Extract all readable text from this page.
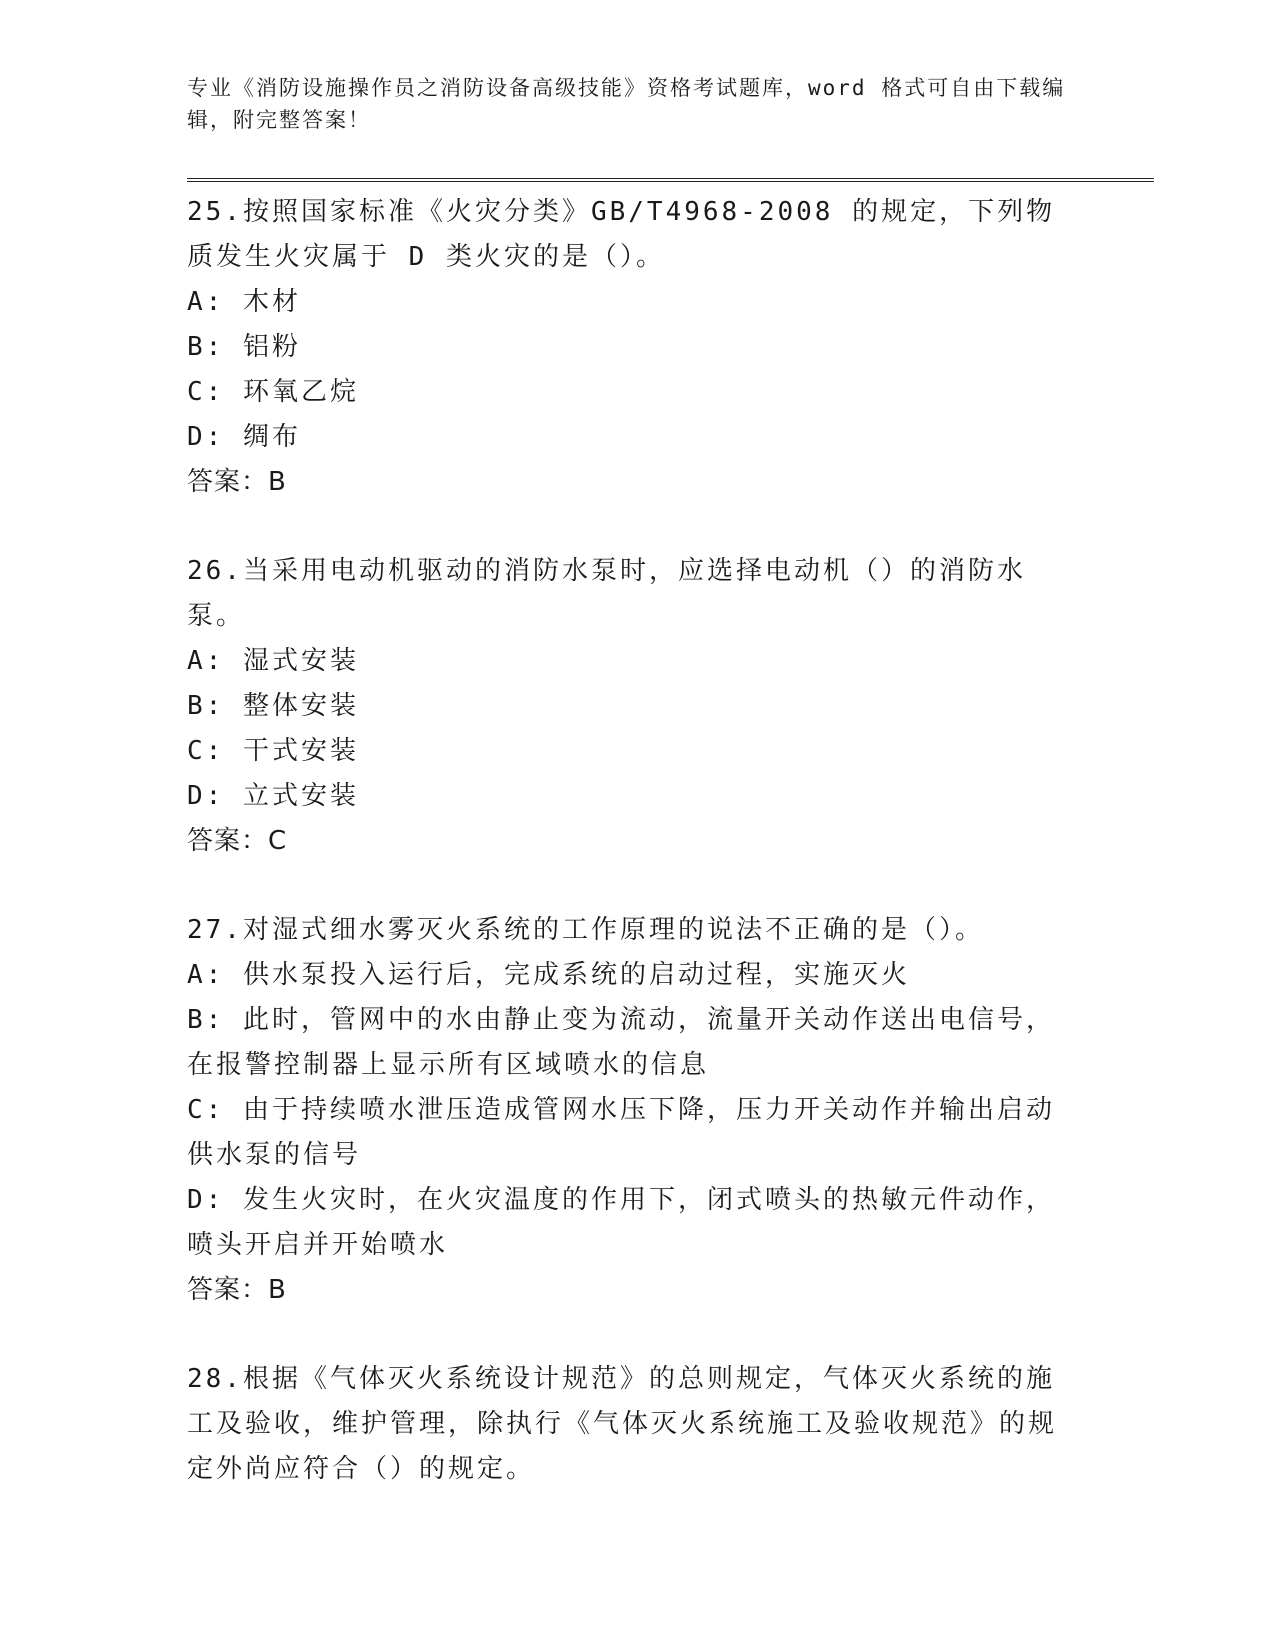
专业《消防设施操作员之消防设备高级技能》资格考试题库，word 格式可自由下载编辑，附完整答案！

25.按照国家标准《火灾分类》GB/T4968-2008 的规定，下列物质发生火灾属于 D 类火灾的是（）。

A: 木材

B: 铝粉

C: 环氧乙烷

D: 绸布

答案：B

26.当采用电动机驱动的消防水泵时，应选择电动机（）的消防水泵。

A: 湿式安装

B: 整体安装

C: 干式安装

D: 立式安装

答案：C

27.对湿式细水雾灭火系统的工作原理的说法不正确的是（）。

A: 供水泵投入运行后，完成系统的启动过程，实施灭火

B: 此时，管网中的水由静止变为流动，流量开关动作送出电信号，在报警控制器上显示所有区域喷水的信息

C: 由于持续喷水泄压造成管网水压下降，压力开关动作并输出启动供水泵的信号

D: 发生火灾时，在火灾温度的作用下，闭式喷头的热敏元件动作，喷头开启并开始喷水

答案：B

28.根据《气体灭火系统设计规范》的总则规定，气体灭火系统的施工及验收，维护管理，除执行《气体灭火系统施工及验收规范》的规定外尚应符合（）的规定。
